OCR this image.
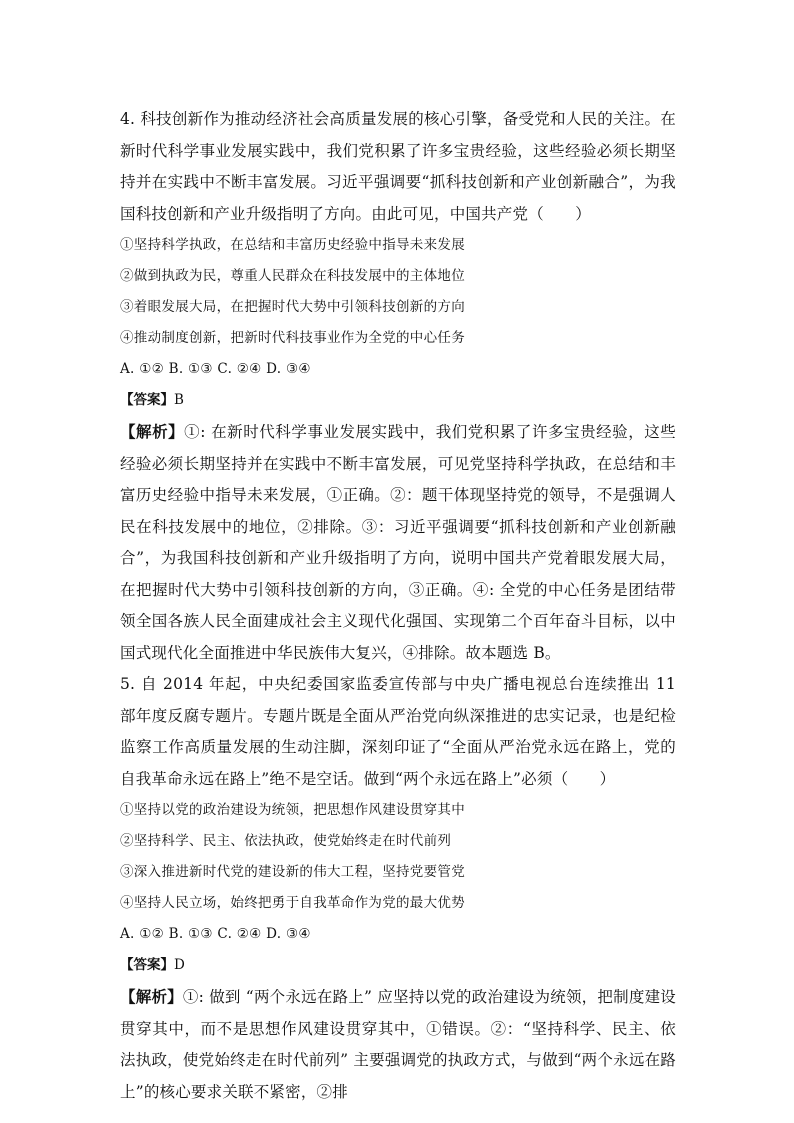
4. 科技创新作为推动经济社会高质量发展的核心引擎，备受党和人民的关注。在新时代科学事业发展实践中，我们党积累了许多宝贵经验，这些经验必须长期坚持并在实践中不断丰富发展。习近平强调要“抓科技创新和产业创新融合”，为我国科技创新和产业升级指明了方向。由此可见，中国共产党（　　）

①坚持科学执政，在总结和丰富历史经验中指导未来发展

②做到执政为民，尊重人民群众在科技发展中的主体地位

③着眼发展大局，在把握时代大势中引领科技创新的方向

④推动制度创新，把新时代科技事业作为全党的中心任务

A. ①② B. ①③ C. ②④ D. ③④

【答案】B

【解析】①: 在新时代科学事业发展实践中，我们党积累了许多宝贵经验，这些经验必须长期坚持并在实践中不断丰富发展，可见党坚持科学执政，在总结和丰富历史经验中指导未来发展，①正确。②：题干体现坚持党的领导，不是强调人民在科技发展中的地位，②排除。③：习近平强调要“抓科技创新和产业创新融合”，为我国科技创新和产业升级指明了方向，说明中国共产党着眼发展大局，在把握时代大势中引领科技创新的方向，③正确。④: 全党的中心任务是团结带领全国各族人民全面建成社会主义现代化强国、实现第二个百年奋斗目标，以中国式现代化全面推进中华民族伟大复兴，④排除。故本题选 B。

5. 自 2014 年起，中央纪委国家监委宣传部与中央广播电视总台连续推出 11 部年度反腐专题片。专题片既是全面从严治党向纵深推进的忠实记录，也是纪检监察工作高质量发展的生动注脚，深刻印证了“全面从严治党永远在路上，党的自我革命永远在路上”绝不是空话。做到“两个永远在路上”必须（　　）

①坚持以党的政治建设为统领，把思想作风建设贯穿其中

②坚持科学、民主、依法执政，使党始终走在时代前列

③深入推进新时代党的建设新的伟大工程，坚持党要管党

④坚持人民立场，始终把勇于自我革命作为党的最大优势

A. ①② B. ①③ C. ②④ D. ③④

【答案】D

【解析】①: 做到 “两个永远在路上” 应坚持以党的政治建设为统领，把制度建设贯穿其中，而不是思想作风建设贯穿其中，①错误。②：“坚持科学、民主、依法执政，使党始终走在时代前列” 主要强调党的执政方式，与做到“两个永远在路上”的核心要求关联不紧密，②排
